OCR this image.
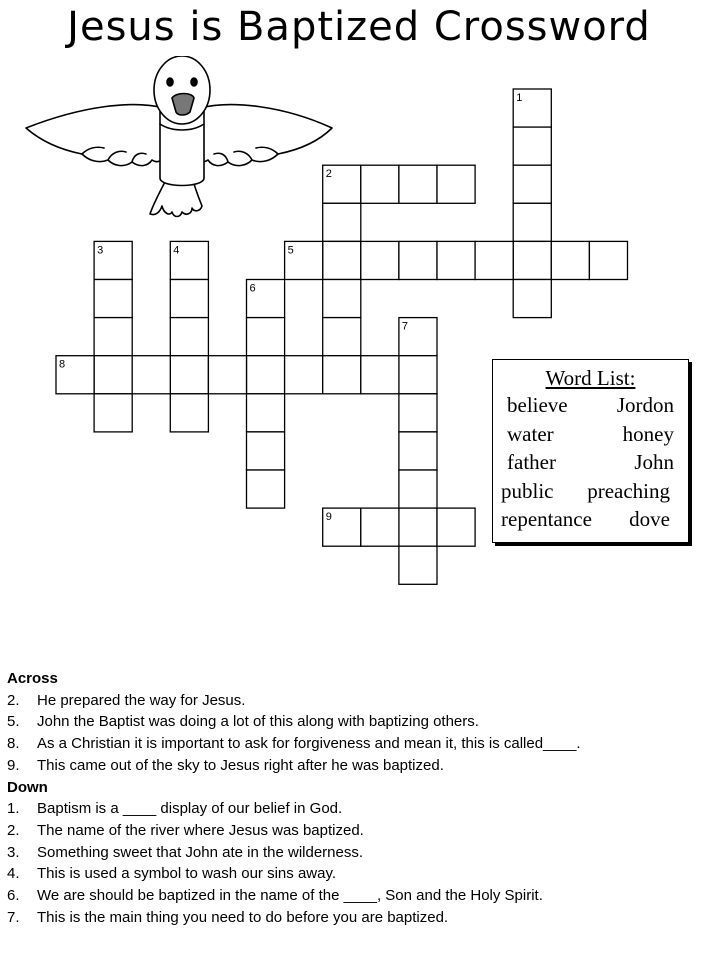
Jesus is Baptized Crossword
1
2
3	4	5
6
7
8
9
Word List:
believe Jordon
water	honey
father	John
public preaching
repentance dove
Across
2.	He prepared the way for Jesus.
5.	John the Baptist was doing a lot of this along with baptizing others.
8.	As a Christian it is important to ask for forgiveness and mean it, this is called____.
9.	This came out of the sky to Jesus right after he was baptized.
Down
1.	Baptism is a ____ display of our belief in God.
2.	The name of the river where Jesus was baptized.
3.	Something sweet that John ate in the wilderness.
4.	This is used a symbol to wash our sins away.
6.	We are should be baptized in the name of the ____, Son and the Holy Spirit.
7.	This is the main thing you need to do before you are baptized.
